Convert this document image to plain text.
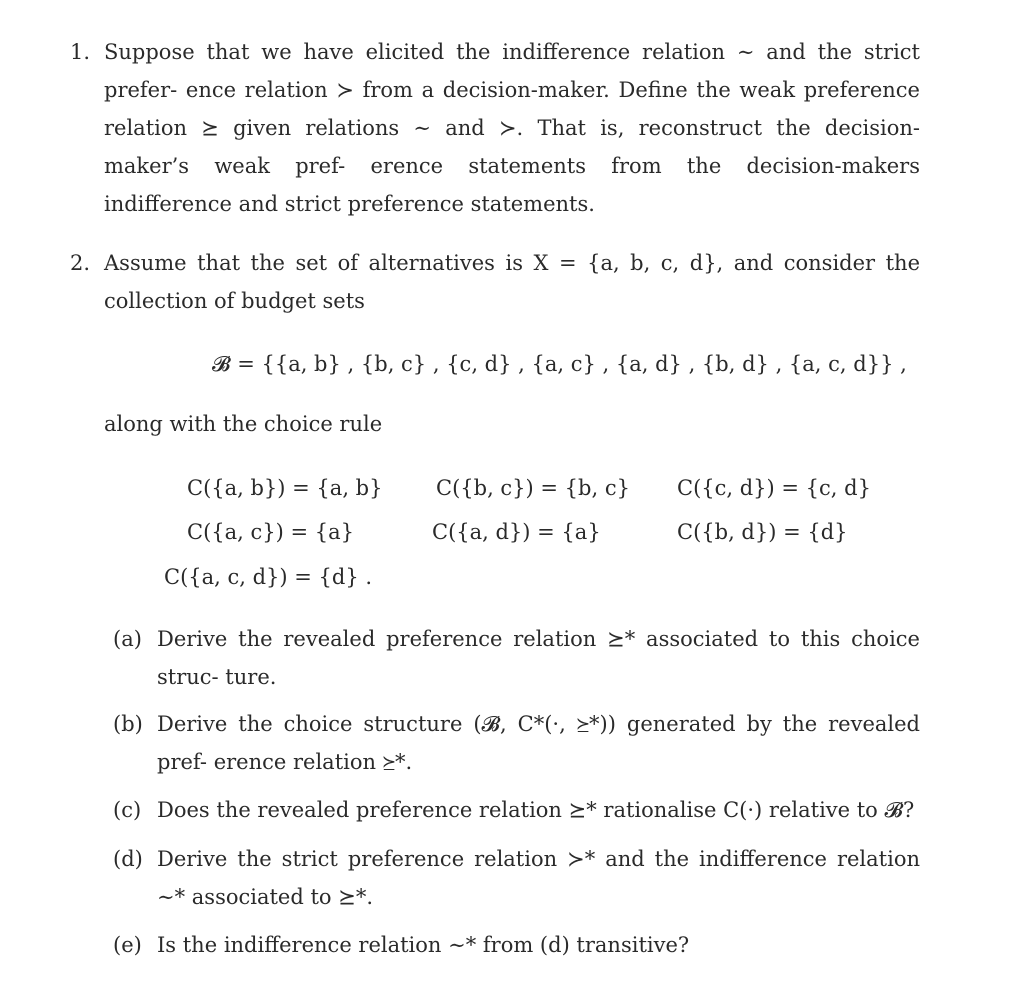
1. Suppose that we have elicited the indifference relation ∼ and the strict prefer- ence relation ≻ from a decision-maker. Define the weak preference relation ⪰ given relations ∼ and ≻. That is, reconstruct the decision-maker’s weak pref- erence statements from the decision-makers indifference and strict preference statements.
2. Assume that the set of alternatives is X = {a, b, c, d}, and consider the collection of budget sets
𝓑 = {{a, b} , {b, c} , {c, d} , {a, c} , {a, d} , {b, d} , {a, c, d}} ,
along with the choice rule
C({a, b}) = {a, b}	C({b, c}) = {b, c} C({c, d}) = {c, d}
C({a, c}) = {a}	C({a, d}) = {a}	C({b, d}) = {d}
C({a, c, d}) = {d} .
(a) Derive the revealed preference relation ⪰* associated to this choice struc- ture.
(b) Derive the choice structure (𝓑, C*(·, ⪰*)) generated by the revealed pref- erence relation ⪰*.
(c) Does the revealed preference relation ⪰* rationalise C(·) relative to 𝓑?
(d) Derive the strict preference relation ≻* and the indifference relation ∼* associated to ⪰*.
(e) Is the indifference relation ∼* from (d) transitive?
